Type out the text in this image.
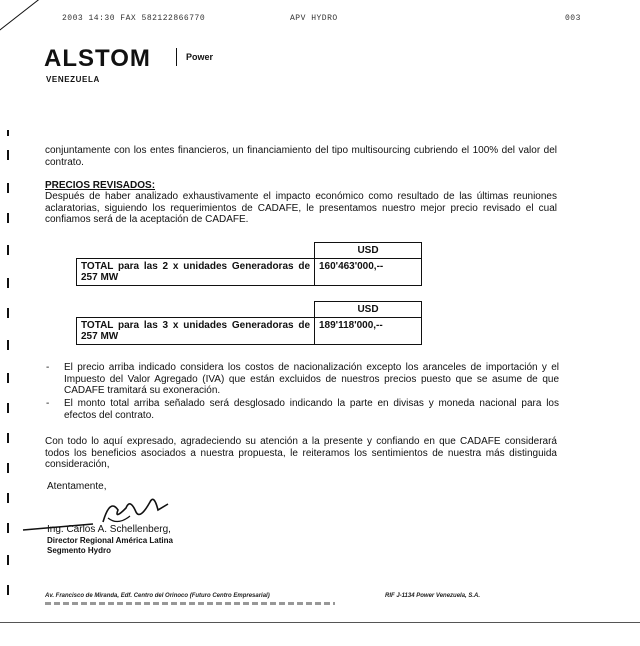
2003 14:30 FAX 582122866770	APV HYDRO	003
ALSTOM	Power
VENEZUELA
conjuntamente con los entes financieros, un financiamiento del tipo multisourcing cubriendo el 100% del valor del contrato.
PRECIOS REVISADOS:
Después de haber analizado exhaustivamente el impacto económico como resultado de las últimas reuniones aclaratorias, siguiendo los requerimientos de CADAFE, le presentamos nuestro mejor precio revisado el cual confiamos será de la aceptación de CADAFE.
	USD
TOTAL para las 2 x unidades Generadoras de 257 MW	160'463'000,--
	USD
TOTAL para las 3 x unidades Generadoras de 257 MW	189'118'000,--
- El precio arriba indicado considera los costos de nacionalización excepto los aranceles de importación y el Impuesto del Valor Agregado (IVA) que están excluidos de nuestros precios puesto que se asume de que CADAFE tramitará su exoneración.
- El monto total arriba señalado será desglosado indicando la parte en divisas y moneda nacional para los efectos del contrato.
Con todo lo aquí expresado, agradeciendo su atención a la presente y confiando en que CADAFE considerará todos los beneficios asociados a nuestra propuesta, le reiteramos los sentimientos de nuestra más distinguida consideración,
Atentamente,
Ing. Carlos A. Schellenberg,
Director Regional América Latina
Segmento Hydro
Av. Francisco de Miranda, Edf. Centro del Orinoco (Futuro Centro Empresarial)	RIF J-1134 Power Venezuela, S.A.
